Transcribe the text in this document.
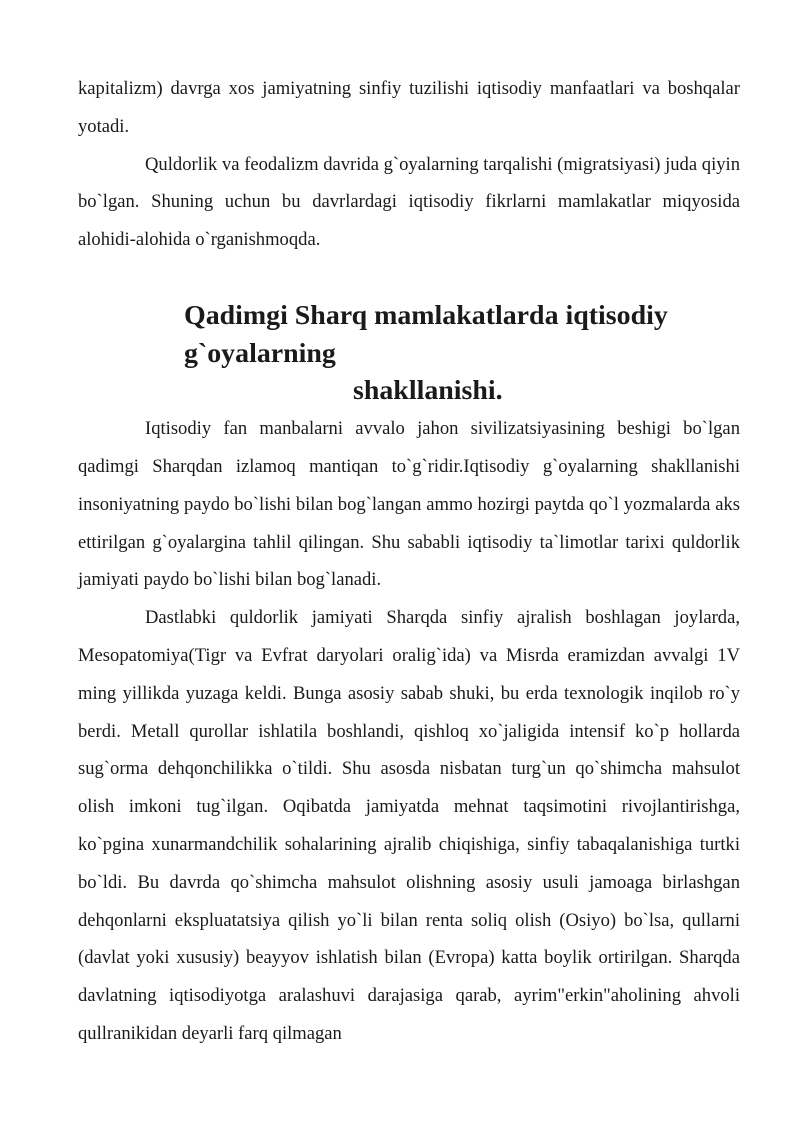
kapitalizm) davrga xos jamiyatning sinfiy tuzilishi iqtisodiy manfaatlari va boshqalar yotadi.

Quldorlik va feodalizm davrida g`oyalarning tarqalishi (migratsiyasi) juda qiyin bo`lgan. Shuning uchun bu davrlardagi iqtisodiy fikrlarni mamlakatlar miqyosida alohidi-alohida o`rganishmoqda.

Qadimgi Sharq mamlakatlarda iqtisodiy g`oyalarning
shakllanishi.

Iqtisodiy fan manbalarni avvalo jahon sivilizatsiyasining beshigi bo`lgan qadimgi Sharqdan izlamoq mantiqan to`g`ridir.Iqtisodiy g`oyalarning shakllanishi insoniyatning paydo bo`lishi bilan bog`langan ammo hozirgi paytda qo`l yozmalarda aks ettirilgan g`oyalargina tahlil qilingan. Shu sababli iqtisodiy ta`limotlar tarixi quldorlik jamiyati paydo bo`lishi bilan bog`lanadi.

Dastlabki quldorlik jamiyati Sharqda sinfiy ajralish boshlagan joylarda, Mesopatomiya(Tigr va Evfrat daryolari oralig`ida) va Misrda eramizdan avvalgi 1V ming yillikda yuzaga keldi. Bunga asosiy sabab shuki, bu erda texnologik inqilob ro`y berdi. Metall qurollar ishlatila boshlandi, qishloq xo`jaligida intensif ko`p hollarda sug`orma dehqonchilikka o`tildi. Shu asosda nisbatan turg`un qo`shimcha mahsulot olish imkoni tug`ilgan. Oqibatda jamiyatda mehnat taqsimotini rivojlantirishga, ko`pgina xunarmandchilik sohalarining ajralib chiqishiga, sinfiy tabaqalanishiga turtki bo`ldi. Bu davrda qo`shimcha mahsulot olishning asosiy usuli jamoaga birlashgan dehqonlarni ekspluatatsiya qilish yo`li bilan renta soliq olish (Osiyo) bo`lsa, qullarni (davlat yoki xususiy) beayyov ishlatish bilan (Evropa) katta boylik ortirilgan. Sharqda davlatning iqtisodiyotga aralashuvi darajasiga qarab, ayrim"erkin"aholining ahvoli qullranikidan deyarli farq qilmagan
